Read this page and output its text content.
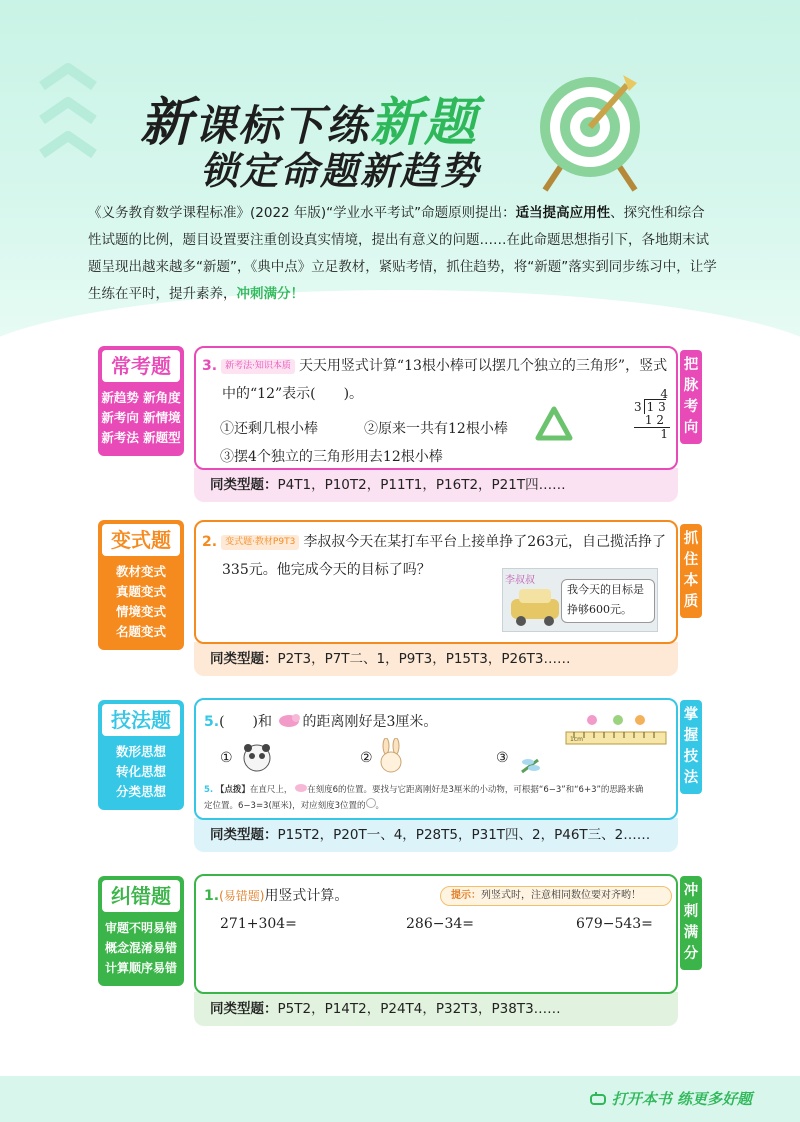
新课标下练新题
锁定命题新趋势
《义务教育数学课程标准》(2022 年版)“学业水平考试”命题原则提出：适当提高应用性、探究性和综合性试题的比例，题目设置要注重创设真实情境，提出有意义的问题……在此命题思想指引下，各地期末试题呈现出越来越多“新题”，《典中点》立足教材，紧贴考情，抓住趋势，将“新题”落实到同步练习中，让学生练在平时，提升素养，冲刺满分！
常考题
新趋势 新角度
新考向 新情境
新考法 新题型
同类型题：P4T1，P10T2，P11T1，P16T2，P21T四……
3. 新考法·知识本质 天天用竖式计算“13根小棒可以摆几个独立的三角形”，竖式
中的“12”表示(　　)。
①还剩几根小棒	②原来一共有12根小棒
③摆4个独立的三角形用去12根小棒
4
3 1 3
1 2
1
把
脉
考
向
变式题
教材变式
真题变式
情境变式
名题变式
同类型题：P2T3，P7T二、1，P9T3，P15T3，P26T3……
2. 变式题·教材P9T3 李叔叔今天在某打车平台上接单挣了263元，自己揽活挣了
335元。他完成今天的目标了吗？
李叔叔
我今天的目标是
挣够600元。
抓
住
本
质
技法题
数形思想
转化思想
分类思想
同类型题：P15T2，P20T一、4，P28T5，P31T四、2，P46T三、2……
5.(　　)和 的距离刚好是3厘米。
1cm
①	②	③
5. 【点拨】在直尺上， 在刻度6的位置。要找与它距离刚好是3厘米的小动物，可根据“6−3”和“6+3”的思路来确
定位置。6−3=3(厘米)，对应刻度3位置的 。
掌
握
技
法
纠错题
审题不明易错
概念混淆易错
计算顺序易错
同类型题：P5T2，P14T2，P24T4，P32T3，P38T3……
1.(易错题)用竖式计算。	提示：列竖式时，注意相同数位要对齐哟！
271+304=	286−34=	679−543=
冲
刺
满
分
打开本书 练更多好题
